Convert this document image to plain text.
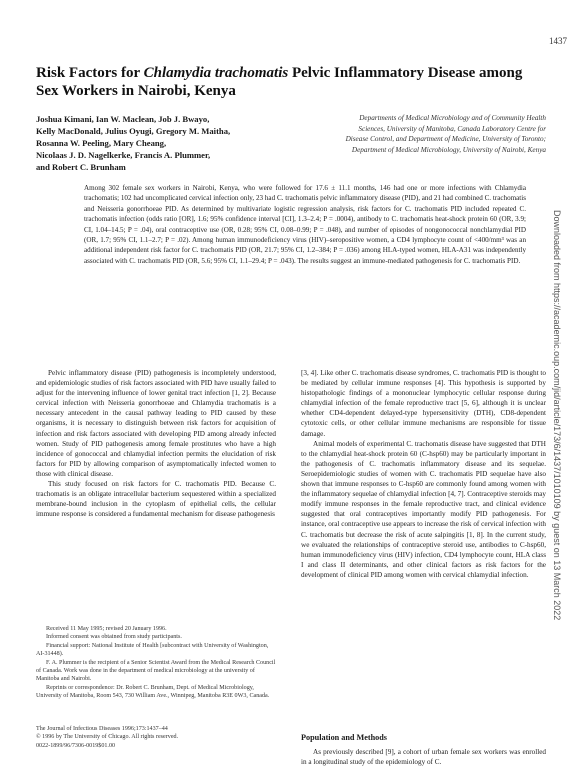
1437
Risk Factors for Chlamydia trachomatis Pelvic Inflammatory Disease among Sex Workers in Nairobi, Kenya
Joshua Kimani, Ian W. Maclean, Job J. Bwayo,
Kelly MacDonald, Julius Oyugi, Gregory M. Maitha,
Rosanna W. Peeling, Mary Cheang,
Nicolaas J. D. Nagelkerke, Francis A. Plummer,
and Robert C. Brunham
Departments of Medical Microbiology and of Community Health
Sciences, University of Manitoba, Canada Laboratory Centre for
Disease Control, and Department of Medicine, University of Toronto;
Department of Medical Microbiology, University of Nairobi, Kenya
Among 302 female sex workers in Nairobi, Kenya, who were followed for 17.6 ± 11.1 months, 146 had one or more infections with Chlamydia trachomatis; 102 had uncomplicated cervical infection only, 23 had C. trachomatis pelvic inflammatory disease (PID), and 21 had combined C. trachomatis and Neisseria gonorrhoeae PID. As determined by multivariate logistic regression analysis, risk factors for C. trachomatis PID included repeated C. trachomatis infection (odds ratio [OR], 1.6; 95% confidence interval [CI], 1.3–2.4; P = .0004), antibody to C. trachomatis heat-shock protein 60 (OR, 3.9; CI, 1.04–14.5; P = .04), oral contraceptive use (OR, 0.28; 95% CI, 0.08–0.99; P = .048), and number of episodes of nongonococcal nonchlamydial PID (OR, 1.7; 95% CI, 1.1–2.7; P = .02). Among human immunodeficiency virus (HIV)–seropositive women, a CD4 lymphocyte count of <400/mm³ was an additional independent risk factor for C. trachomatis PID (OR, 21.7; 95% CI, 1.2–384; P = .036) among HLA-typed women, HLA-A31 was independently associated with C. trachomatis PID (OR, 5.6; 95% CI, 1.1–29.4; P = .043). The results suggest an immune-mediated pathogenesis for C. trachomatis PID.

Pelvic inflammatory disease (PID) pathogenesis is incompletely understood, and epidemiologic studies of risk factors associated with PID have usually failed to adjust for the intervening influence of lower genital tract infection [1, 2]. Because cervical infection with Neisseria gonorrhoeae and Chlamydia trachomatis is a necessary antecedent in the causal pathway leading to PID caused by these organisms, it is necessary to distinguish between risk factors for acquisition of infection and risk factors associated with developing PID among already infected women. Study of PID pathogenesis among female prostitutes who have a high incidence of gonococcal and chlamydial infection permits the elucidation of risk factors for PID by allowing comparison of asymptomatically infected women to those with clinical disease.

This study focused on risk factors for C. trachomatis PID. Because C. trachomatis is an obligate intracellular bacterium sequestered within a specialized membrane-bound inclusion in the cytoplasm of epithelial cells, the cellular immune response is considered a fundamental mechanism for disease pathogenesis

Received 11 May 1995; revised 20 January 1996.
Informed consent was obtained from study participants.
Financial support: National Institute of Health [subcontract with University of Washington, AI-31448).
F. A. Plummer is the recipient of a Senior Scientist Award from the Medical Research Council of Canada. Work was done in the department of medical microbiology at the university of Manitoba and Nairobi.
Reprints or correspondence: Dr. Robert C. Brunham, Dept. of Medical Microbiology, University of Manitoba, Room 543, 730 William Ave., Winnipeg, Manitoba R3E 0W3, Canada.
The Journal of Infectious Diseases 1996;173:1437–44
© 1996 by The University of Chicago. All rights reserved.
0022-1899/96/7306-0019$01.00

[3, 4]. Like other C. trachomatis disease syndromes, C. trachomatis PID is thought to be mediated by cellular immune responses [4]. This hypothesis is supported by histopathologic findings of a mononuclear lymphocytic cellular response during chlamydial infection of the female reproductive tract [5, 6], although it is unclear whether CD4-dependent delayed-type hypersensitivity (DTH), CD8-dependent cytotoxic cells, or other cellular immune mechanisms are responsible for tissue damage.

Animal models of experimental C. trachomatis disease have suggested that DTH to the chlamydial heat-shock protein 60 (C-hsp60) may be particularly important in the pathogenesis of C. trachomatis inflammatory disease and its sequelae. Seroepidemiologic studies of women with C. trachomatis PID sequelae have also shown that immune responses to C-hsp60 are commonly found among women with the inflammatory sequelae of chlamydial infection [4, 7]. Contraceptive steroids may modify immune responses in the female reproductive tract, and clinical evidence suggested that oral contraceptives importantly modify PID pathogenesis. For instance, oral contraceptive use appears to increase the risk of cervical infection with C. trachomatis but decrease the risk of acute salpingitis [1, 8]. In the current study, we evaluated the relationships of contraceptive steroid use, antibodies to C-hsp60, human immunodeficiency virus (HIV) infection, CD4 lymphocyte count, HLA class I and class II determinants, and other clinical factors as risk factors for the development of clinical PID among women with cervical chlamydial infection.

Population and Methods
As previously described [9], a cohort of urban female sex workers was enrolled in a longitudinal study of the epidemiology of C.
Downloaded from https://academic.oup.com/jid/article/173/6/1437/1010109 by guest on 13 March 2022
